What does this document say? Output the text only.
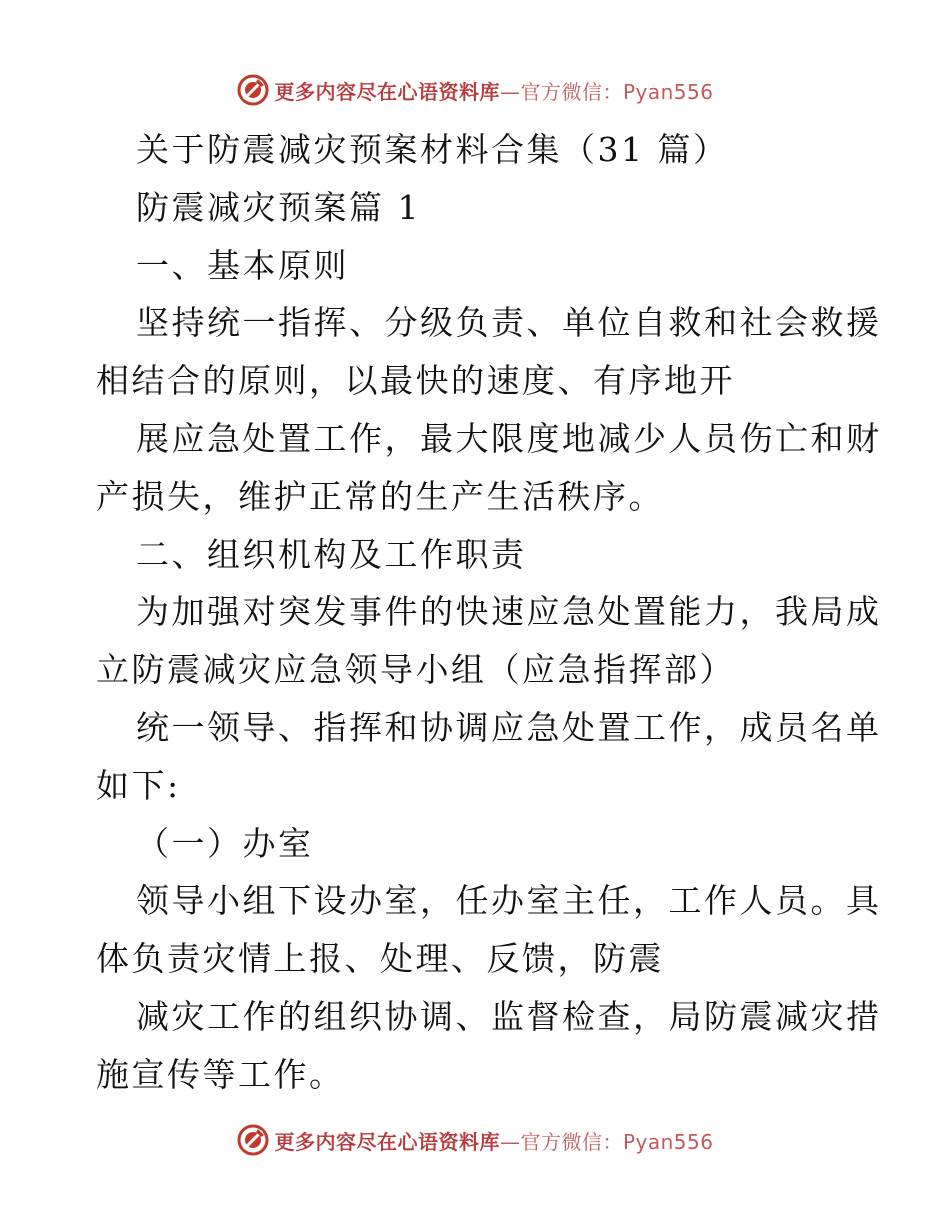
更多内容尽在心语资料库—官方微信：Pyan556
关于防震减灾预案材料合集（31 篇）
防震减灾预案篇 1
一、基本原则
坚持统一指挥、分级负责、单位自救和社会救援
相结合的原则，以最快的速度、有序地开
展应急处置工作，最大限度地减少人员伤亡和财
产损失，维护正常的生产生活秩序。
二、组织机构及工作职责
为加强对突发事件的快速应急处置能力，我局成
立防震减灾应急领导小组（应急指挥部）
统一领导、指挥和协调应急处置工作，成员名单
如下:
（一）办室
领导小组下设办室，任办室主任，工作人员。具
体负责灾情上报、处理、反馈，防震
减灾工作的组织协调、监督检查，局防震减灾措
施宣传等工作。
更多内容尽在心语资料库—官方微信：Pyan556
